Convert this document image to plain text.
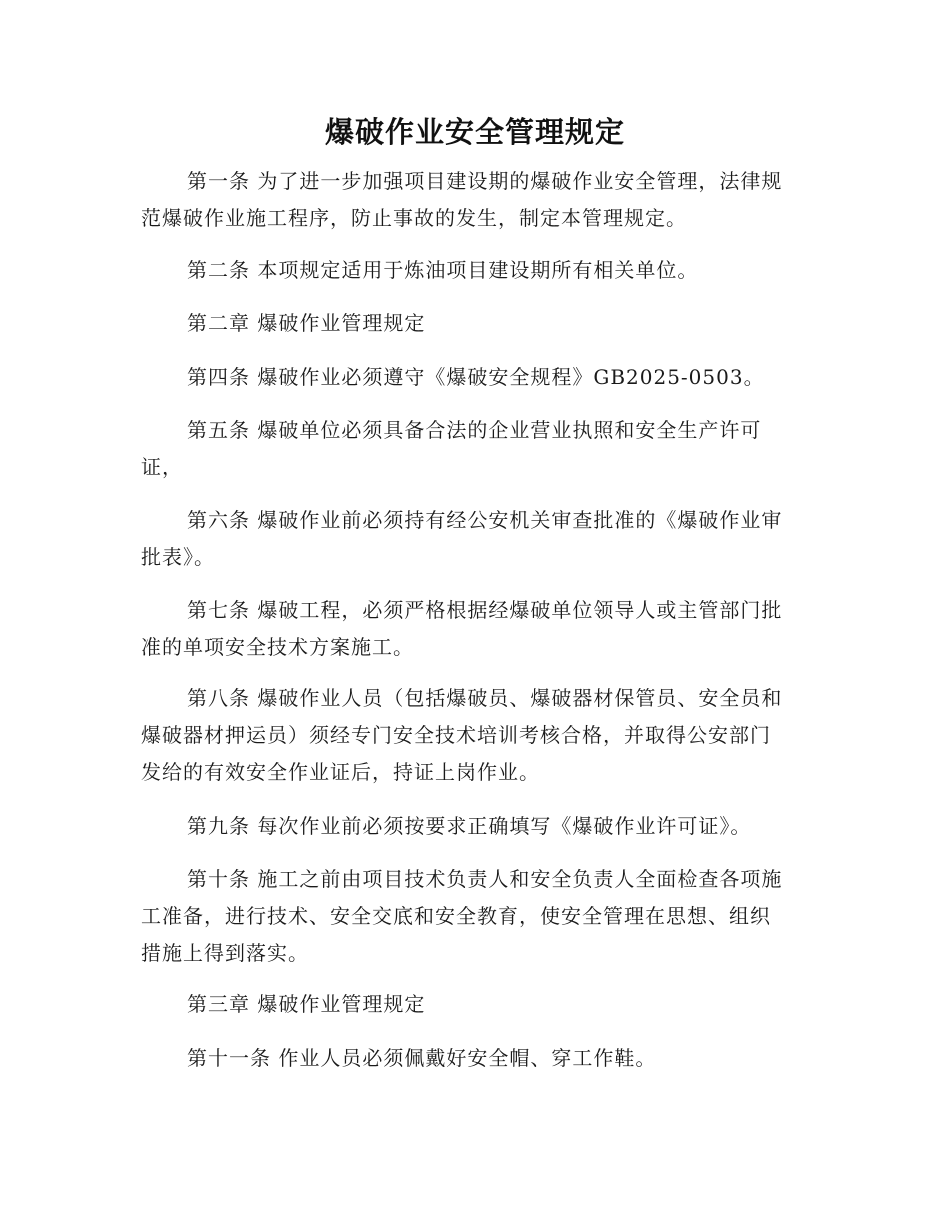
爆破作业安全管理规定
第一条 为了进一步加强项目建设期的爆破作业安全管理，法律规
范爆破作业施工程序，防止事故的发生，制定本管理规定。
第二条 本项规定适用于炼油项目建设期所有相关单位。
第二章 爆破作业管理规定
第四条 爆破作业必须遵守《爆破安全规程》GB2025-0503。
第五条 爆破单位必须具备合法的企业营业执照和安全生产许可
证，
第六条 爆破作业前必须持有经公安机关审查批准的《爆破作业审
批表》。
第七条 爆破工程，必须严格根据经爆破单位领导人或主管部门批
准的单项安全技术方案施工。
第八条 爆破作业人员（包括爆破员、爆破器材保管员、安全员和
爆破器材押运员）须经专门安全技术培训考核合格，并取得公安部门
发给的有效安全作业证后，持证上岗作业。
第九条 每次作业前必须按要求正确填写《爆破作业许可证》。
第十条 施工之前由项目技术负责人和安全负责人全面检查各项施
工准备，进行技术、安全交底和安全教育，使安全管理在思想、组织
措施上得到落实。
第三章 爆破作业管理规定
第十一条 作业人员必须佩戴好安全帽、穿工作鞋。
